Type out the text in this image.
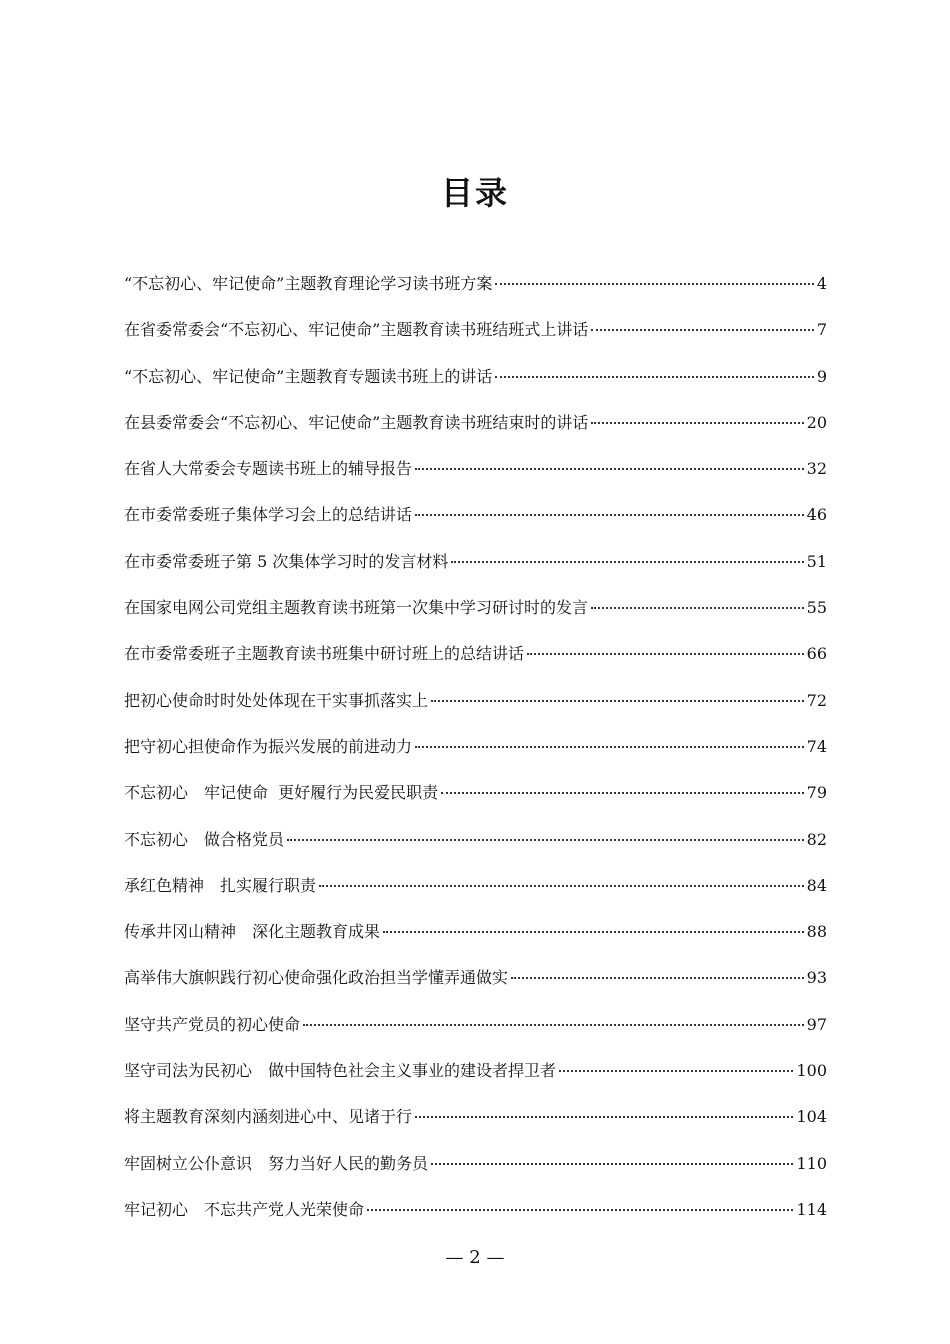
目录
“不忘初心、牢记使命”主题教育理论学习读书班方案	4
在省委常委会“不忘初心、牢记使命”主题教育读书班结班式上讲话	7
“不忘初心、牢记使命”主题教育专题读书班上的讲话	9
在县委常委会“不忘初心、牢记使命”主题教育读书班结束时的讲话	20
在省人大常委会专题读书班上的辅导报告	32
在市委常委班子集体学习会上的总结讲话	46
在市委常委班子第 5 次集体学习时的发言材料	51
在国家电网公司党组主题教育读书班第一次集中学习研讨时的发言	55
在市委常委班子主题教育读书班集中研讨班上的总结讲话	66
把初心使命时时处处体现在干实事抓落实上	72
把守初心担使命作为振兴发展的前进动力	74
不忘初心　牢记使命  更好履行为民爱民职责	79
不忘初心　做合格党员	82
承红色精神　扎实履行职责	84
传承井冈山精神　深化主题教育成果	88
高举伟大旗帜践行初心使命强化政治担当学懂弄通做实	93
坚守共产党员的初心使命	97
坚守司法为民初心　做中国特色社会主义事业的建设者捍卫者	100
将主题教育深刻内涵刻进心中、见诸于行	104
牢固树立公仆意识　努力当好人民的勤务员	110
牢记初心　不忘共产党人光荣使命	114
— 2 —
